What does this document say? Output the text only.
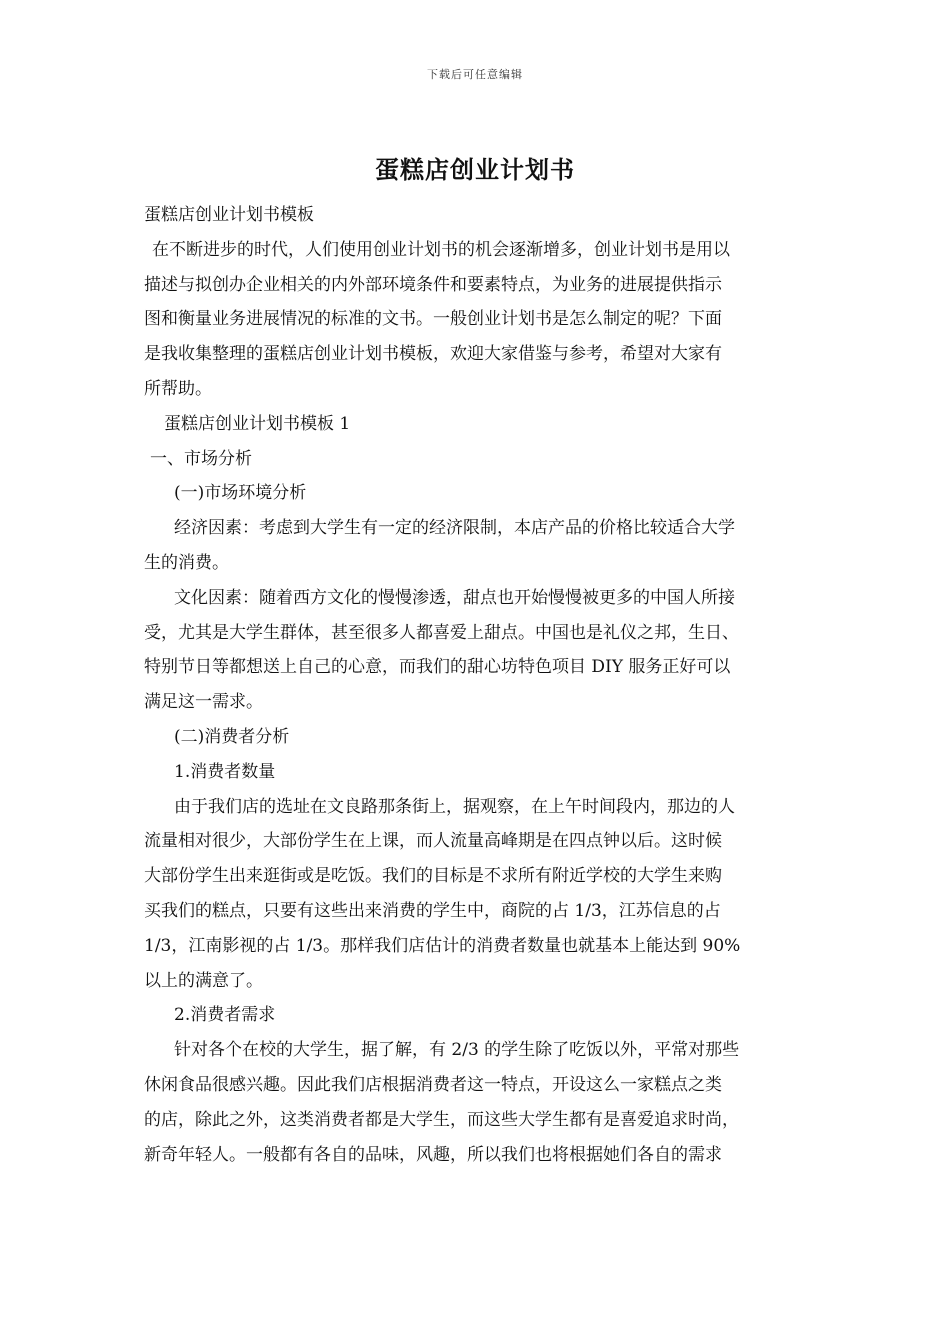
下载后可任意编辑
蛋糕店创业计划书
蛋糕店创业计划书模板
在不断进步的时代，人们使用创业计划书的机会逐渐增多，创业计划书是用以
描述与拟创办企业相关的内外部环境条件和要素特点，为业务的进展提供指示
图和衡量业务进展情况的标准的文书。一般创业计划书是怎么制定的呢？下面
是我收集整理的蛋糕店创业计划书模板，欢迎大家借鉴与参考，希望对大家有
所帮助。
蛋糕店创业计划书模板 1
一、市场分析
(一)市场环境分析
经济因素：考虑到大学生有一定的经济限制，本店产品的价格比较适合大学
生的消费。
文化因素：随着西方文化的慢慢渗透，甜点也开始慢慢被更多的中国人所接
受，尤其是大学生群体，甚至很多人都喜爱上甜点。中国也是礼仪之邦，生日、
特别节日等都想送上自己的心意，而我们的甜心坊特色项目 DIY 服务正好可以
满足这一需求。
(二)消费者分析
1.消费者数量
由于我们店的选址在文良路那条街上，据观察，在上午时间段内，那边的人
流量相对很少，大部份学生在上课，而人流量高峰期是在四点钟以后。这时候
大部份学生出来逛街或是吃饭。我们的目标是不求所有附近学校的大学生来购
买我们的糕点，只要有这些出来消费的学生中，商院的占 1/3，江苏信息的占
1/3，江南影视的占 1/3。那样我们店估计的消费者数量也就基本上能达到 90%
以上的满意了。
2.消费者需求
针对各个在校的大学生，据了解，有 2/3 的学生除了吃饭以外，平常对那些
休闲食品很感兴趣。因此我们店根据消费者这一特点，开设这么一家糕点之类
的店，除此之外，这类消费者都是大学生，而这些大学生都有是喜爱追求时尚，
新奇年轻人。一般都有各自的品味，风趣，所以我们也将根据她们各自的需求
